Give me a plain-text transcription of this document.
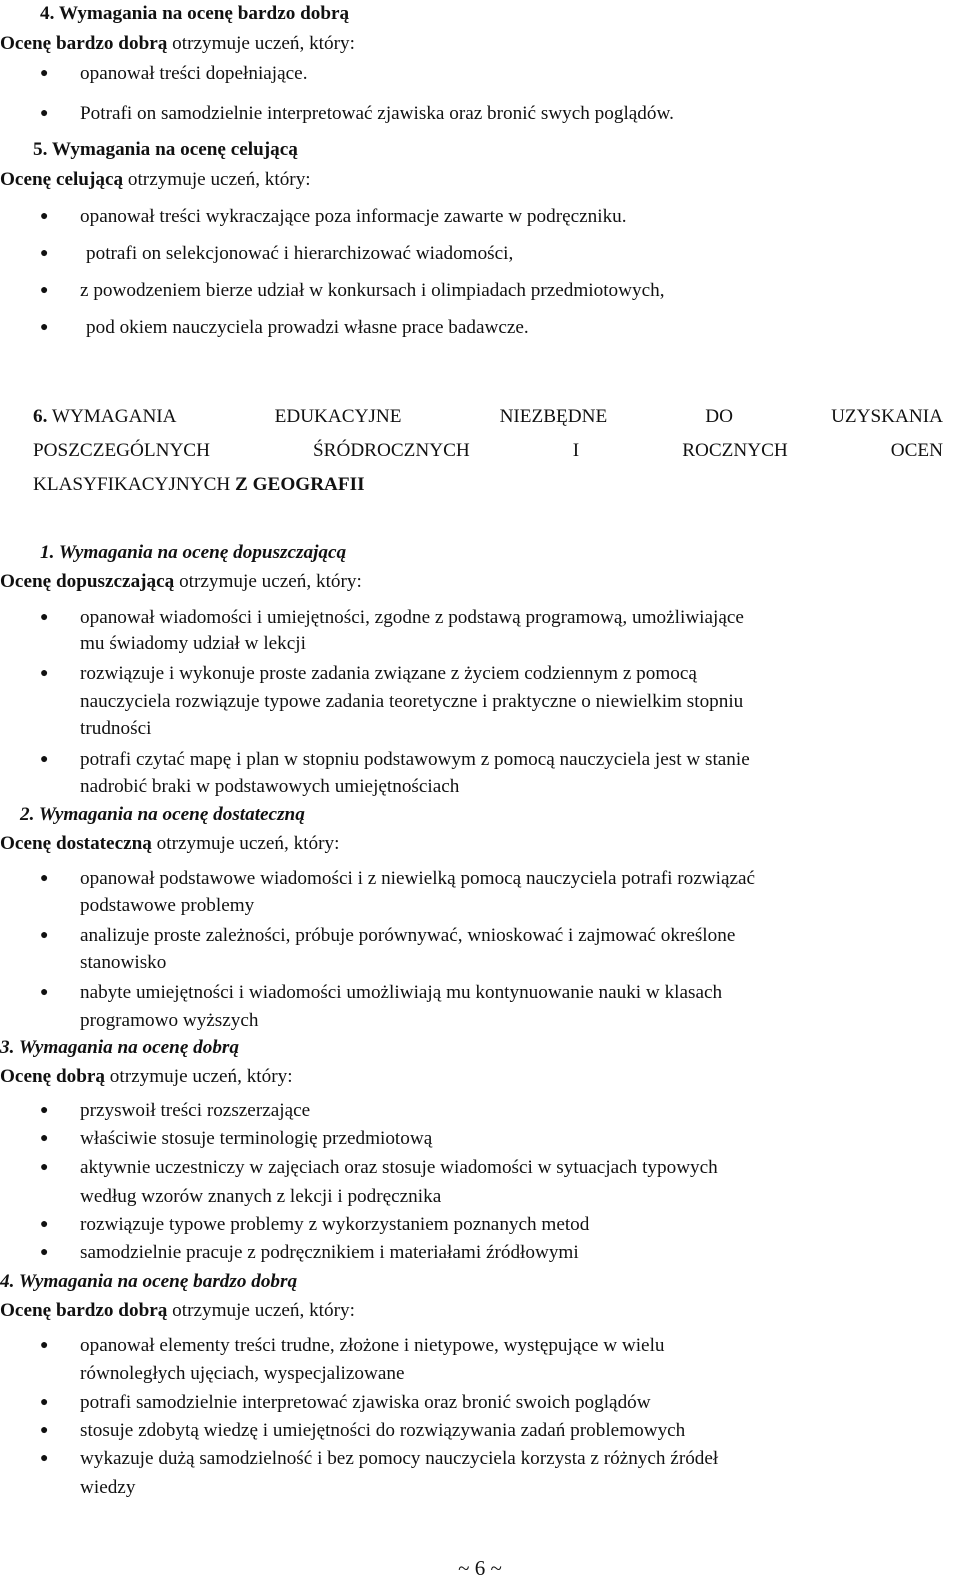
4. Wymagania na ocenę bardzo dobrą
Ocenę bardzo dobrą otrzymuje uczeń, który:
● opanował treści dopełniające.
● Potrafi on samodzielnie interpretować zjawiska oraz bronić swych poglądów.
5. Wymagania na ocenę celującą
Ocenę celującą otrzymuje uczeń, który:
● opanował treści wykraczające poza informacje zawarte w podręczniku.
● potrafi on selekcjonować i hierarchizować wiadomości,
● z powodzeniem bierze udział w konkursach i olimpiadach przedmiotowych,
● pod okiem nauczyciela prowadzi własne prace badawcze.
6. WYMAGANIA	EDUKACYJNE	NIEZBĘDNE	DO	UZYSKANIA
POSZCZEGÓLNYCH	ŚRÓDROCZNYCH	I	ROCZNYCH	OCEN
KLASYFIKACYJNYCH Z GEOGRAFII
1. Wymagania na ocenę dopuszczającą
Ocenę dopuszczającą otrzymuje uczeń, który:
● opanował wiadomości i umiejętności, zgodne z podstawą programową, umożliwiające
mu świadomy udział w lekcji
● rozwiązuje i wykonuje proste zadania związane z życiem codziennym z pomocą
nauczyciela rozwiązuje typowe zadania teoretyczne i praktyczne o niewielkim stopniu
trudności
● potrafi czytać mapę i plan w stopniu podstawowym z pomocą nauczyciela jest w stanie
nadrobić braki w podstawowych umiejętnościach
2. Wymagania na ocenę dostateczną
Ocenę dostateczną otrzymuje uczeń, który:
● opanował podstawowe wiadomości i z niewielką pomocą nauczyciela potrafi rozwiązać
podstawowe problemy
● analizuje proste zależności, próbuje porównywać, wnioskować i zajmować określone
stanowisko
● nabyte umiejętności i wiadomości umożliwiają mu kontynuowanie nauki w klasach
programowo wyższych
3. Wymagania na ocenę dobrą
Ocenę dobrą otrzymuje uczeń, który:
● przyswoił treści rozszerzające
● właściwie stosuje terminologię przedmiotową
● aktywnie uczestniczy w zajęciach oraz stosuje wiadomości w sytuacjach typowych
według wzorów znanych z lekcji i podręcznika
● rozwiązuje typowe problemy z wykorzystaniem poznanych metod
● samodzielnie pracuje z podręcznikiem i materiałami źródłowymi
4. Wymagania na ocenę bardzo dobrą
Ocenę bardzo dobrą otrzymuje uczeń, który:
● opanował elementy treści trudne, złożone i nietypowe, występujące w wielu
równoległych ujęciach, wyspecjalizowane
● potrafi samodzielnie interpretować zjawiska oraz bronić swoich poglądów
● stosuje zdobytą wiedzę i umiejętności do rozwiązywania zadań problemowych
● wykazuje dużą samodzielność i bez pomocy nauczyciela korzysta z różnych źródeł
wiedzy
~ 6 ~
